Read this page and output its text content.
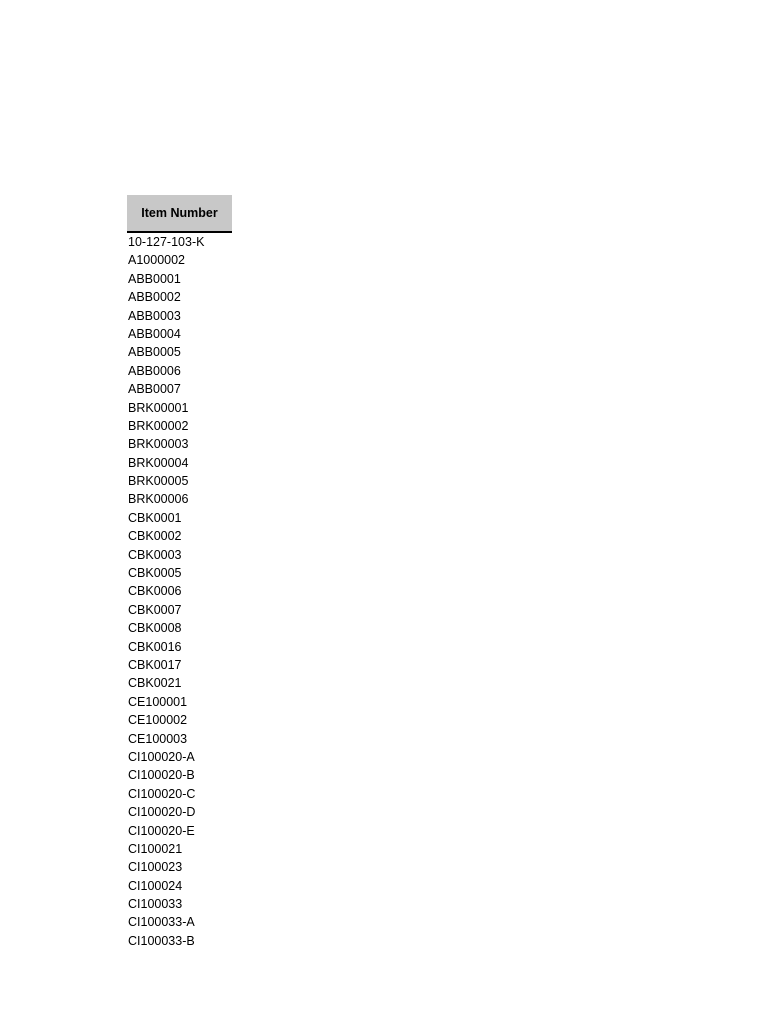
Item Number
10-127-103-K
A1000002
ABB0001
ABB0002
ABB0003
ABB0004
ABB0005
ABB0006
ABB0007
BRK00001
BRK00002
BRK00003
BRK00004
BRK00005
BRK00006
CBK0001
CBK0002
CBK0003
CBK0005
CBK0006
CBK0007
CBK0008
CBK0016
CBK0017
CBK0021
CE100001
CE100002
CE100003
CI100020-A
CI100020-B
CI100020-C
CI100020-D
CI100020-E
CI100021
CI100023
CI100024
CI100033
CI100033-A
CI100033-B
